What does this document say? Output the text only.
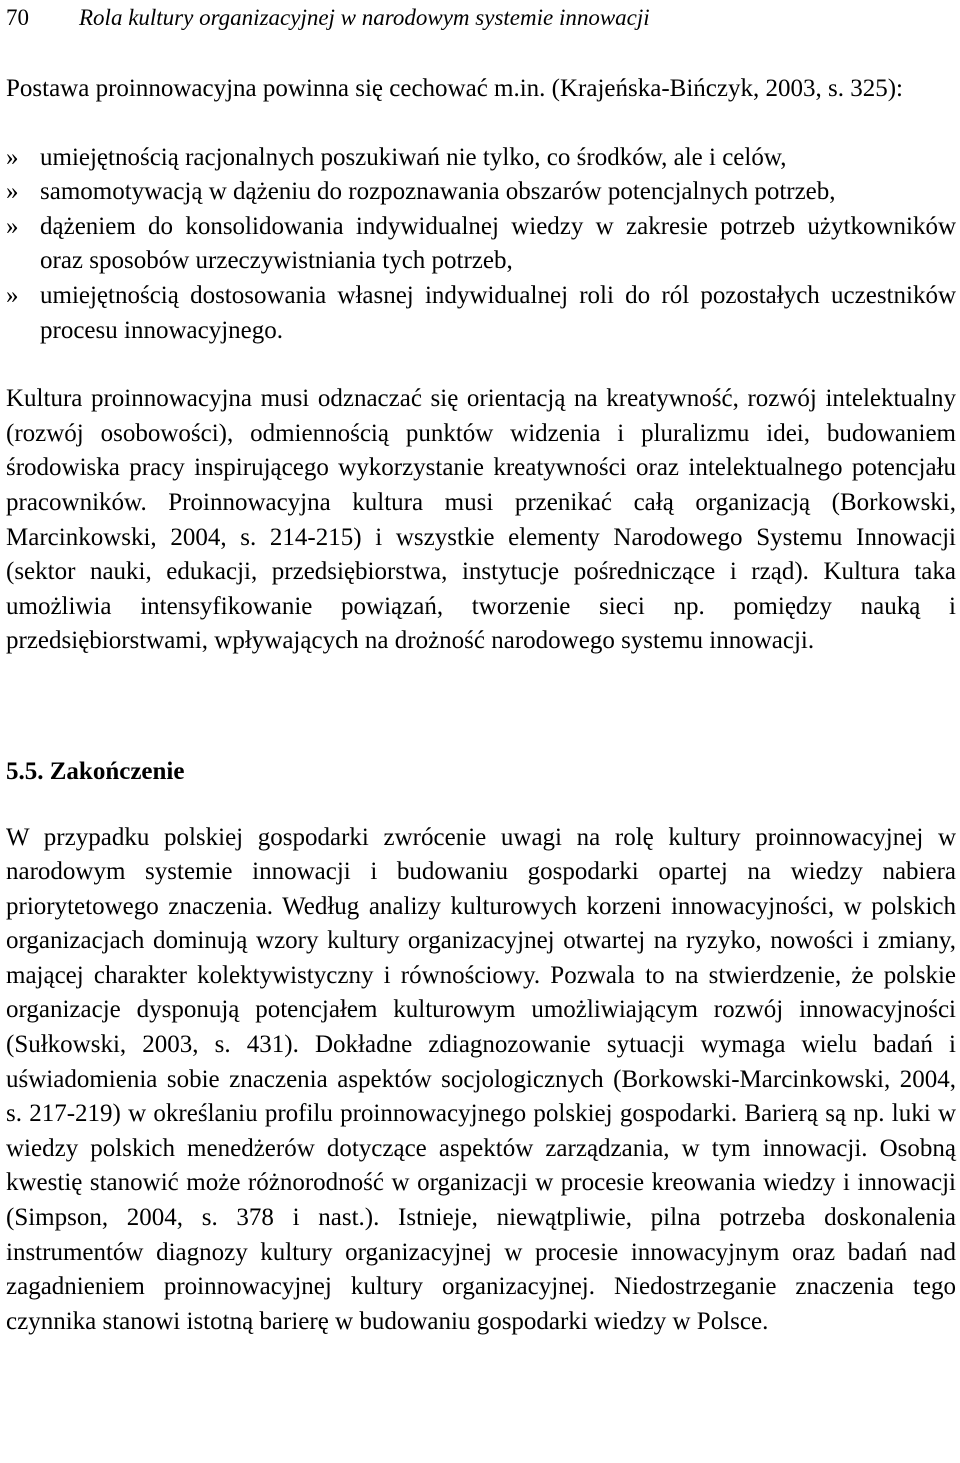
70 Rola kultury organizacyjnej w narodowym systemie innowacji

Postawa proinnowacyjna powinna się cechować m.in. (Krajeńska-Bińczyk, 2003, s. 325):

» umiejętnością racjonalnych poszukiwań nie tylko, co środków, ale i celów,
» samomotywacją w dążeniu do rozpoznawania obszarów potencjalnych potrzeb,
» dążeniem do konsolidowania indywidualnej wiedzy w zakresie potrzeb użytkowników oraz sposobów urzeczywistniania tych potrzeb,
» umiejętnością dostosowania własnej indywidualnej roli do ról pozostałych uczestników procesu innowacyjnego.

Kultura proinnowacyjna musi odznaczać się orientacją na kreatywność, rozwój intelektualny (rozwój osobowości), odmiennością punktów widzenia i pluralizmu idei, budowaniem środowiska pracy inspirującego wykorzystanie kreatywności oraz intelektualnego potencjału pracowników. Proinnowacyjna kultura musi przenikać całą organizacją (Borkowski, Marcinkowski, 2004, s. 214-215) i wszystkie elementy Narodowego Systemu Innowacji (sektor nauki, edukacji, przedsiębiorstwa, instytucje pośredniczące i rząd). Kultura taka umożliwia intensyfikowanie powiązań, tworzenie sieci np. pomiędzy nauką i przedsiębiorstwami, wpływających na drożność narodowego systemu innowacji.

5.5. Zakończenie

W przypadku polskiej gospodarki zwrócenie uwagi na rolę kultury proinnowacyjnej w narodowym systemie innowacji i budowaniu gospodarki opartej na wiedzy nabiera priorytetowego znaczenia. Według analizy kulturowych korzeni innowacyjności, w polskich organizacjach dominują wzory kultury organizacyjnej otwartej na ryzyko, nowości i zmiany, mającej charakter kolektywistyczny i równościowy. Pozwala to na stwierdzenie, że polskie organizacje dysponują potencjałem kulturowym umożliwiającym rozwój innowacyjności (Sułkowski, 2003, s. 431). Dokładne zdiagnozowanie sytuacji wymaga wielu badań i uświadomienia sobie znaczenia aspektów socjologicznych (Borkowski-Marcinkowski, 2004, s. 217-219) w określaniu profilu proinnowacyjnego polskiej gospodarki. Barierą są np. luki w wiedzy polskich menedżerów dotyczące aspektów zarządzania, w tym innowacji. Osobną kwestię stanowić może różnorodność w organizacji w procesie kreowania wiedzy i innowacji (Simpson, 2004, s. 378 i nast.). Istnieje, niewątpliwie, pilna potrzeba doskonalenia instrumentów diagnozy kultury organizacyjnej w procesie innowacyjnym oraz badań nad zagadnieniem proinnowacyjnej kultury organizacyjnej. Niedostrzeganie znaczenia tego czynnika stanowi istotną barierę w budowaniu gospodarki wiedzy w Polsce.
